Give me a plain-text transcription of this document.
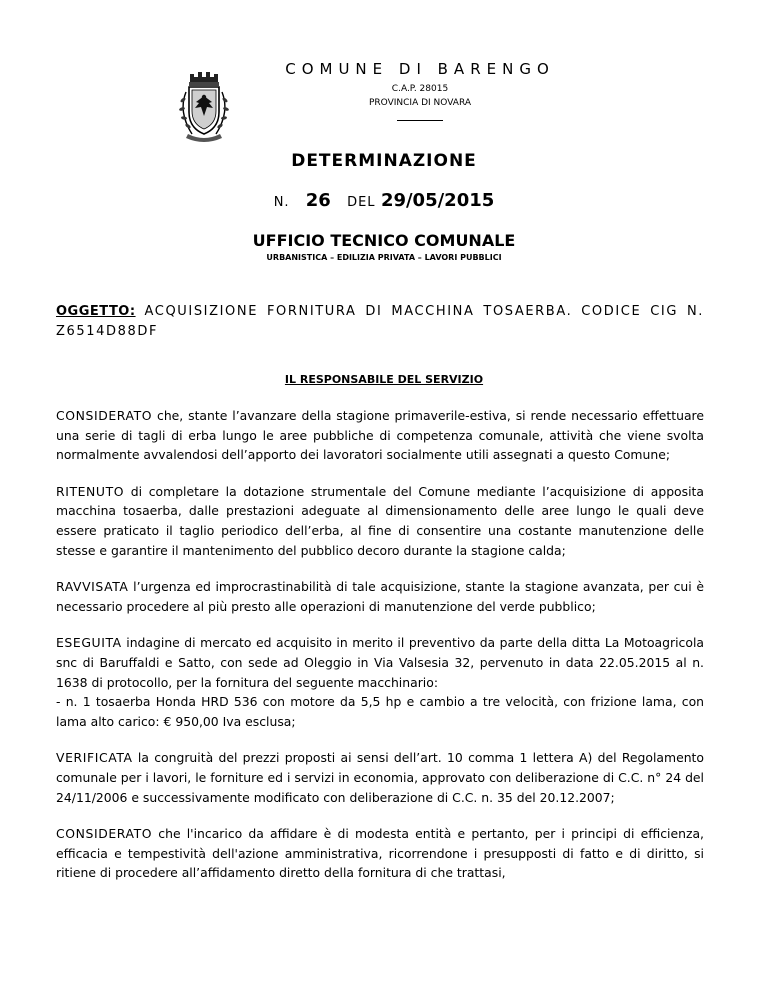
COMUNE DI BARENGO
C.A.P. 28015
PROVINCIA DI NOVARA
DETERMINAZIONE
N. 26 DEL 29/05/2015
UFFICIO TECNICO COMUNALE
URBANISTICA – EDILIZIA PRIVATA – LAVORI PUBBLICI
OGGETTO: ACQUISIZIONE FORNITURA DI MACCHINA TOSAERBA. CODICE CIG N. Z6514D88DF
IL RESPONSABILE DEL SERVIZIO

CONSIDERATO che, stante l’avanzare della stagione primaverile-estiva, si rende necessario effettuare una serie di tagli di erba lungo le aree pubbliche di competenza comunale, attività che viene svolta normalmente avvalendosi dell’apporto dei lavoratori socialmente utili assegnati a questo Comune;

RITENUTO di completare la dotazione strumentale del Comune mediante l’acquisizione di apposita macchina tosaerba, dalle prestazioni adeguate al dimensionamento delle aree lungo le quali deve essere praticato il taglio periodico dell’erba, al fine di consentire una costante manutenzione delle stesse e garantire il mantenimento del pubblico decoro durante la stagione calda;

RAVVISATA l’urgenza ed improcrastinabilità di tale acquisizione, stante la stagione avanzata, per cui è necessario procedere al più presto alle operazioni di manutenzione del verde pubblico;

ESEGUITA indagine di mercato ed acquisito in merito il preventivo da parte della ditta La Motoagricola snc di Baruffaldi e Satto, con sede ad Oleggio in Via Valsesia 32, pervenuto in data 22.05.2015 al n. 1638 di protocollo, per la fornitura del seguente macchinario:
- n. 1 tosaerba Honda HRD 536 con motore da 5,5 hp e cambio a tre velocità, con frizione lama, con lama alto carico: € 950,00 Iva esclusa;

VERIFICATA la congruità del prezzi proposti ai sensi dell’art. 10 comma 1 lettera A) del Regolamento comunale per i lavori, le forniture ed i servizi in economia, approvato con deliberazione di C.C. n° 24 del 24/11/2006 e successivamente modificato con deliberazione di C.C. n. 35 del 20.12.2007;

CONSIDERATO che l'incarico da affidare è di modesta entità e pertanto, per i principi di efficienza, efficacia e tempestività dell'azione amministrativa, ricorrendone i presupposti di fatto e di diritto, si ritiene di procedere all’affidamento diretto della fornitura di che trattasi,
